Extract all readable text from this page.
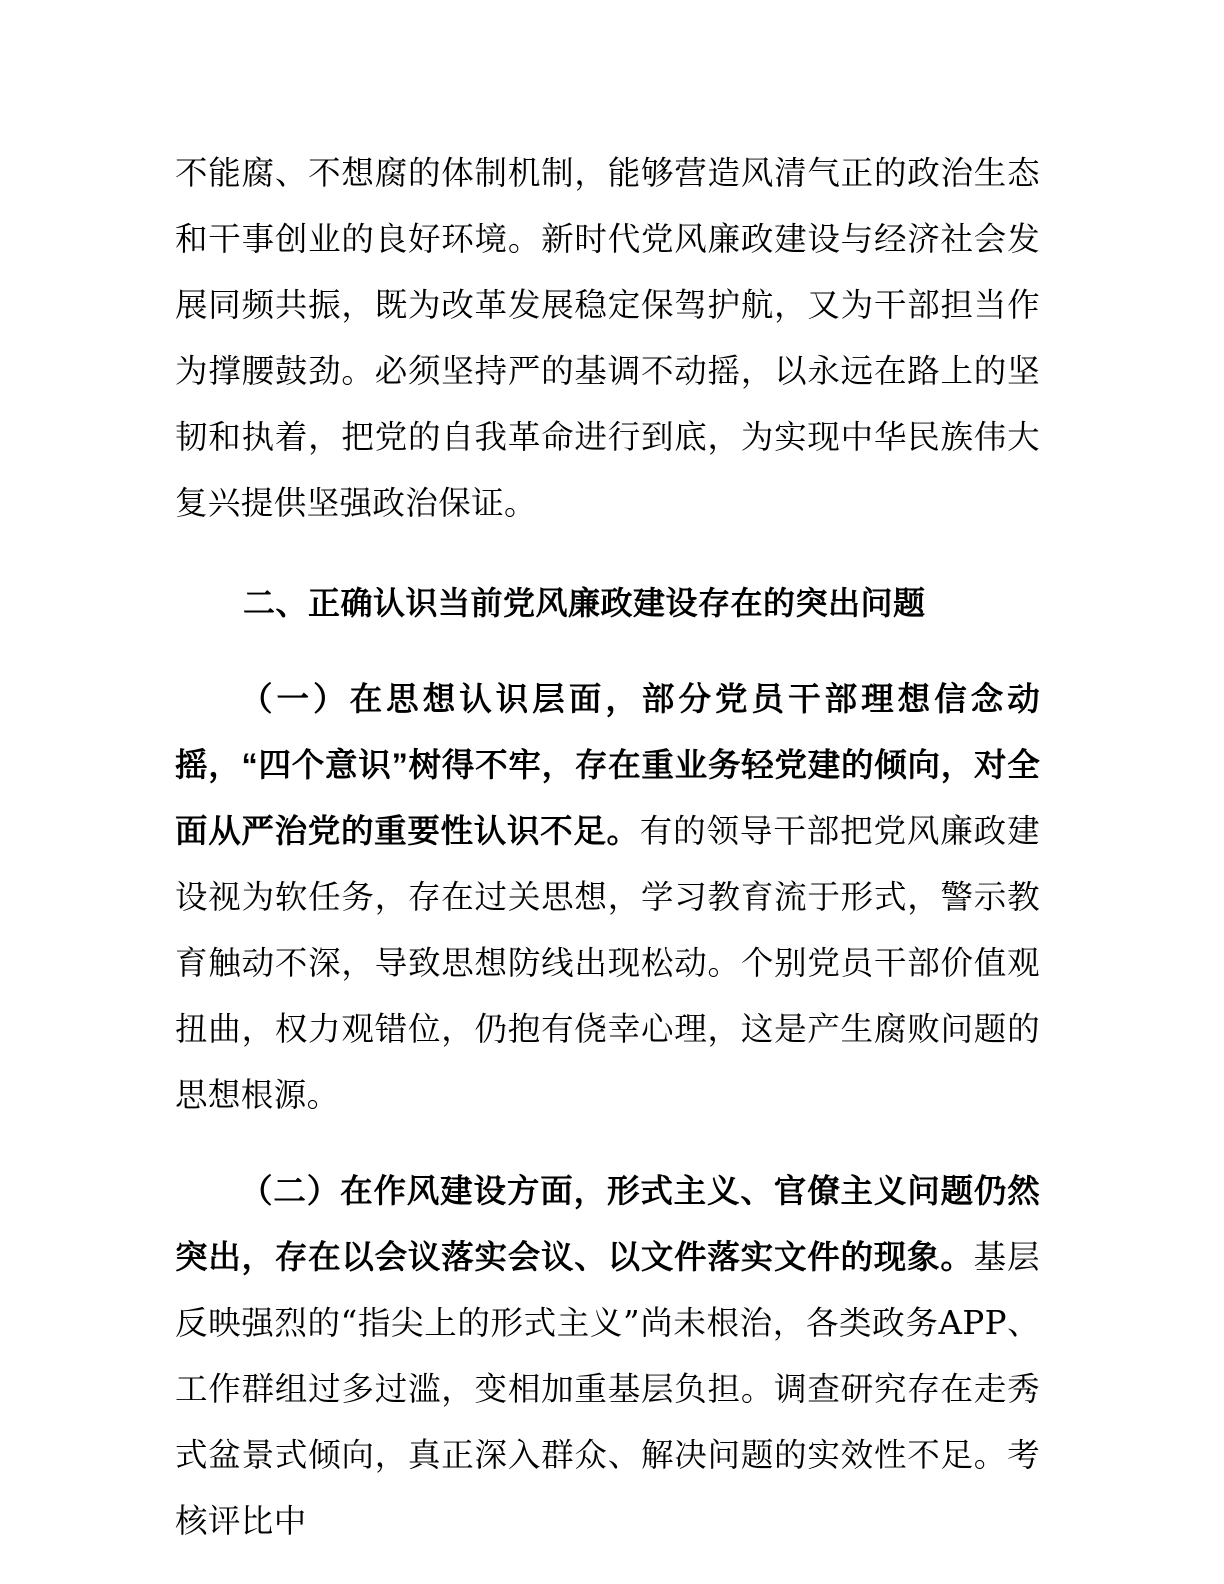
不能腐、不想腐的体制机制，能够营造风清气正的政治生态和干事创业的良好环境。新时代党风廉政建设与经济社会发展同频共振，既为改革发展稳定保驾护航，又为干部担当作为撑腰鼓劲。必须坚持严的基调不动摇，以永远在路上的坚韧和执着，把党的自我革命进行到底，为实现中华民族伟大复兴提供坚强政治保证。

二、正确认识当前党风廉政建设存在的突出问题

（一）在思想认识层面，部分党员干部理想信念动摇，“四个意识”树得不牢，存在重业务轻党建的倾向，对全面从严治党的重要性认识不足。有的领导干部把党风廉政建设视为软任务，存在过关思想，学习教育流于形式，警示教育触动不深，导致思想防线出现松动。个别党员干部价值观扭曲，权力观错位，仍抱有侥幸心理，这是产生腐败问题的思想根源。

（二）在作风建设方面，形式主义、官僚主义问题仍然突出，存在以会议落实会议、以文件落实文件的现象。基层反映强烈的“指尖上的形式主义”尚未根治，各类政务APP、工作群组过多过滥，变相加重基层负担。调查研究存在走秀式盆景式倾向，真正深入群众、解决问题的实效性不足。考核评比中
